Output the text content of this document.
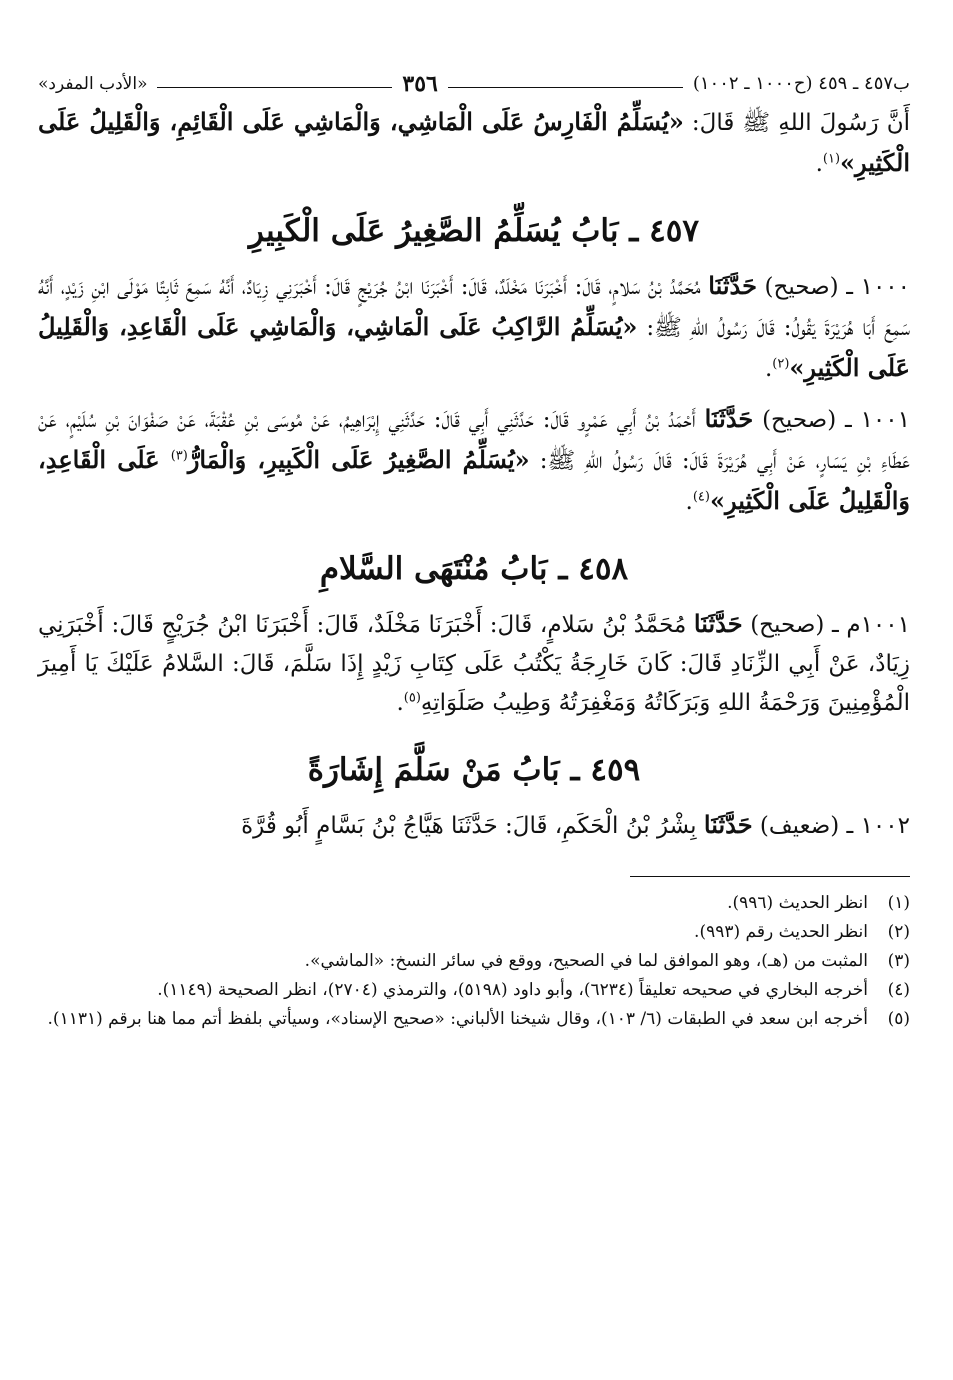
ب٤٥٧ ـ ٤٥٩ (ح١٠٠٠ ـ ١٠٠٢)
٣٥٦
«الأدب المفرد»

أَنَّ رَسُولَ اللهِ ﷺ قَالَ: «يُسَلِّمُ الْفَارِسُ عَلَى الْمَاشِي، وَالْمَاشِي عَلَى الْقَائِمِ، وَالْقَلِيلُ عَلَى الْكَثِيرِ»$^{(١)}$.

٤٥٧ ـ بَابُ يُسَلِّمُ الصَّغِيرُ عَلَى الْكَبِيرِ

١٠٠٠ ـ (صحيح) حَدَّثَنَا مُحَمَّدُ بْنُ سَلامٍ، قَالَ: أَخْبَرَنَا مَخْلَدٌ، قَالَ: أَخْبَرَنَا ابْنُ جُرَيْجٍ قَالَ: أَخْبَرَنِي زِيَادٌ، أَنَّهُ سَمِعَ ثَابِتًا مَوْلَى ابْنِ زَيْدٍ، أَنَّهُ سَمِعَ أَبَا هُرَيْرَةَ يَقُولُ: قَالَ رَسُولُ اللهِ ﷺ: «يُسَلِّمُ الرَّاكِبُ عَلَى الْمَاشِي، وَالْمَاشِي عَلَى الْقَاعِدِ، وَالْقَلِيلُ عَلَى الْكَثِيرِ»$^{(٢)}$.

١٠٠١ ـ (صحيح) حَدَّثَنَا أَحْمَدُ بْنُ أَبِي عَمْرٍو قَالَ: حَدَّثَنِي أَبِي قَالَ: حَدَّثَنِي إِبْرَاهِيمُ، عَنْ مُوسَى بْنِ عُقْبَةَ، عَنْ صَفْوَانَ بْنِ سُلَيْمٍ، عَنْ عَطَاءِ بْنِ يَسَارٍ، عَنْ أَبِي هُرَيْرَةَ قَالَ: قَالَ رَسُولُ اللهِ ﷺ: «يُسَلِّمُ الصَّغِيرُ عَلَى الْكَبِيرِ، وَالْمَارُّ$^{(٣)}$ عَلَى الْقَاعِدِ، وَالْقَلِيلُ عَلَى الْكَثِيرِ»$^{(٤)}$.

٤٥٨ ـ بَابُ مُنْتَهَى السَّلامِ

١٠٠١م ـ (صحيح) حَدَّثَنَا مُحَمَّدُ بْنُ سَلامٍ، قَالَ: أَخْبَرَنَا مَخْلَدٌ، قَالَ: أَخْبَرَنَا ابْنُ جُرَيْجٍ قَالَ: أَخْبَرَنِي زِيَادٌ، عَنْ أَبِي الزِّنَادِ قَالَ: كَانَ خَارِجَةُ يَكْتُبُ عَلَى كِتَابِ زَيْدٍ إِذَا سَلَّمَ، قَالَ: السَّلامُ عَلَيْكَ يَا أَمِيرَ الْمُؤْمِنِينَ وَرَحْمَةُ اللهِ وَبَرَكَاتُهُ وَمَغْفِرَتُهُ وَطِيبُ صَلَوَاتِهِ$^{(٥)}$.

٤٥٩ ـ بَابُ مَنْ سَلَّمَ إِشَارَةً

١٠٠٢ ـ (ضعيف) حَدَّثَنَا بِشْرُ بْنُ الْحَكَمِ، قَالَ: حَدَّثَنَا هَيَّاجُ بْنُ بَسَّامٍ أَبُو قُرَّةَ

(١)
انظر الحديث (٩٩٦).
(٢)
انظر الحديث رقم (٩٩٣).
(٣)
المثبت من (هـ)، وهو الموافق لما في الصحيح، ووقع في سائر النسخ: «الماشي».
(٤)
أخرجه البخاري في صحيحه تعليقاً (٦٢٣٤)، وأبو داود (٥١٩٨)، والترمذي (٢٧٠٤)، انظر الصحيحة (١١٤٩).
(٥)
أخرجه ابن سعد في الطبقات (٦/ ١٠٣)، وقال شيخنا الألباني: «صحيح الإسناد»، وسيأتي بلفظ أتم مما هنا برقم (١١٣١).
